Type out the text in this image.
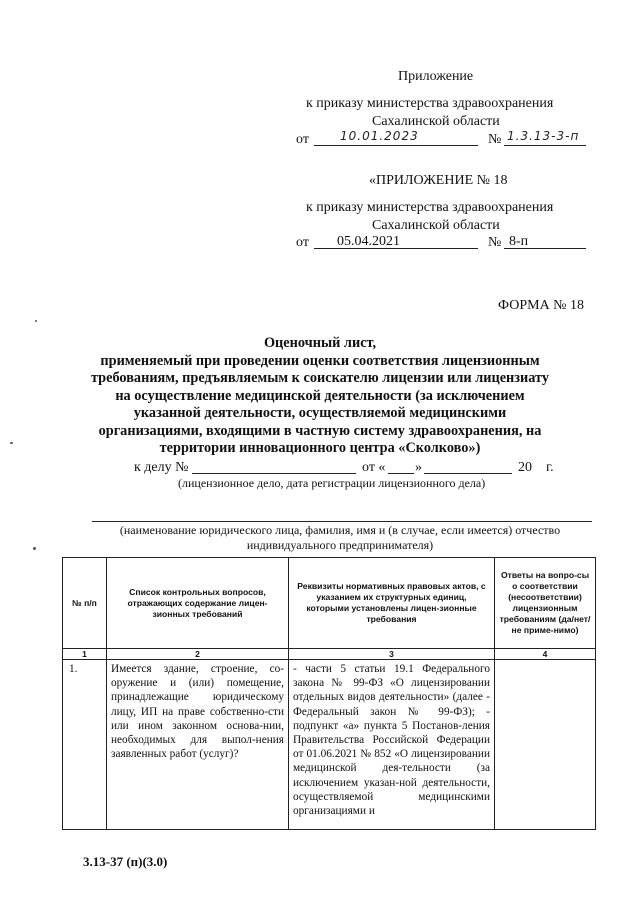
Приложение
к приказу министерства здравоохранения
Сахалинской области
от	10.01.2023	№ 1.3.13-3-п
«ПРИЛОЖЕНИЕ № 18
к приказу министерства здравоохранения
Сахалинской области
от 05.04.2021	№ 8-п
ФОРМА № 18
Оценочный лист,
применяемый при проведении оценки соответствия лицензионным
требованиям, предъявляемым к соискателю лицензии или лицензиату
на осуществление медицинской деятельности (за исключением
указанной деятельности, осуществляемой медицинскими
организациями, входящими в частную систему здравоохранения, на
территории инновационного центра «Сколково»)
к делу №	от « »	20 г.
(лицензионное дело, дата регистрации лицензионного дела)
(наименование юридического лица, фамилия, имя и (в случае, если имеется) отчество
индивидуального предпринимателя)
№ п/п	Список контрольных вопросов, отражающих содержание лицен-зионных требований	Реквизиты нормативных правовых актов, с указанием их структурных единиц, которыми установлены лицен-зионные требования	Ответы на вопро-сы о соответствии (несоответствии) лицензионным требованиям (да/нет/не приме-нимо)

1	2	3	4

1.	Имеется здание, строение, со-оружение и (или) помещение, принадлежащие юридическому лицу, ИП на праве собственно-сти или ином законном основа-нии, необходимых для выпол-нения заявленных работ (услуг)?	- части 5 статьи 19.1 Федерального закона № 99-ФЗ «О лицензировании отдельных видов деятельности» (далее - Федеральный закон № 99-ФЗ); - подпункт «а» пункта 5 Постанов-ления Правительства Российской Федерации от 01.06.2021 № 852 «О лицензировании медицинской дея-тельности (за исключением указан-ной деятельности, осуществляемой медицинскими организациями и	

3.13-37 (п)(3.0)
